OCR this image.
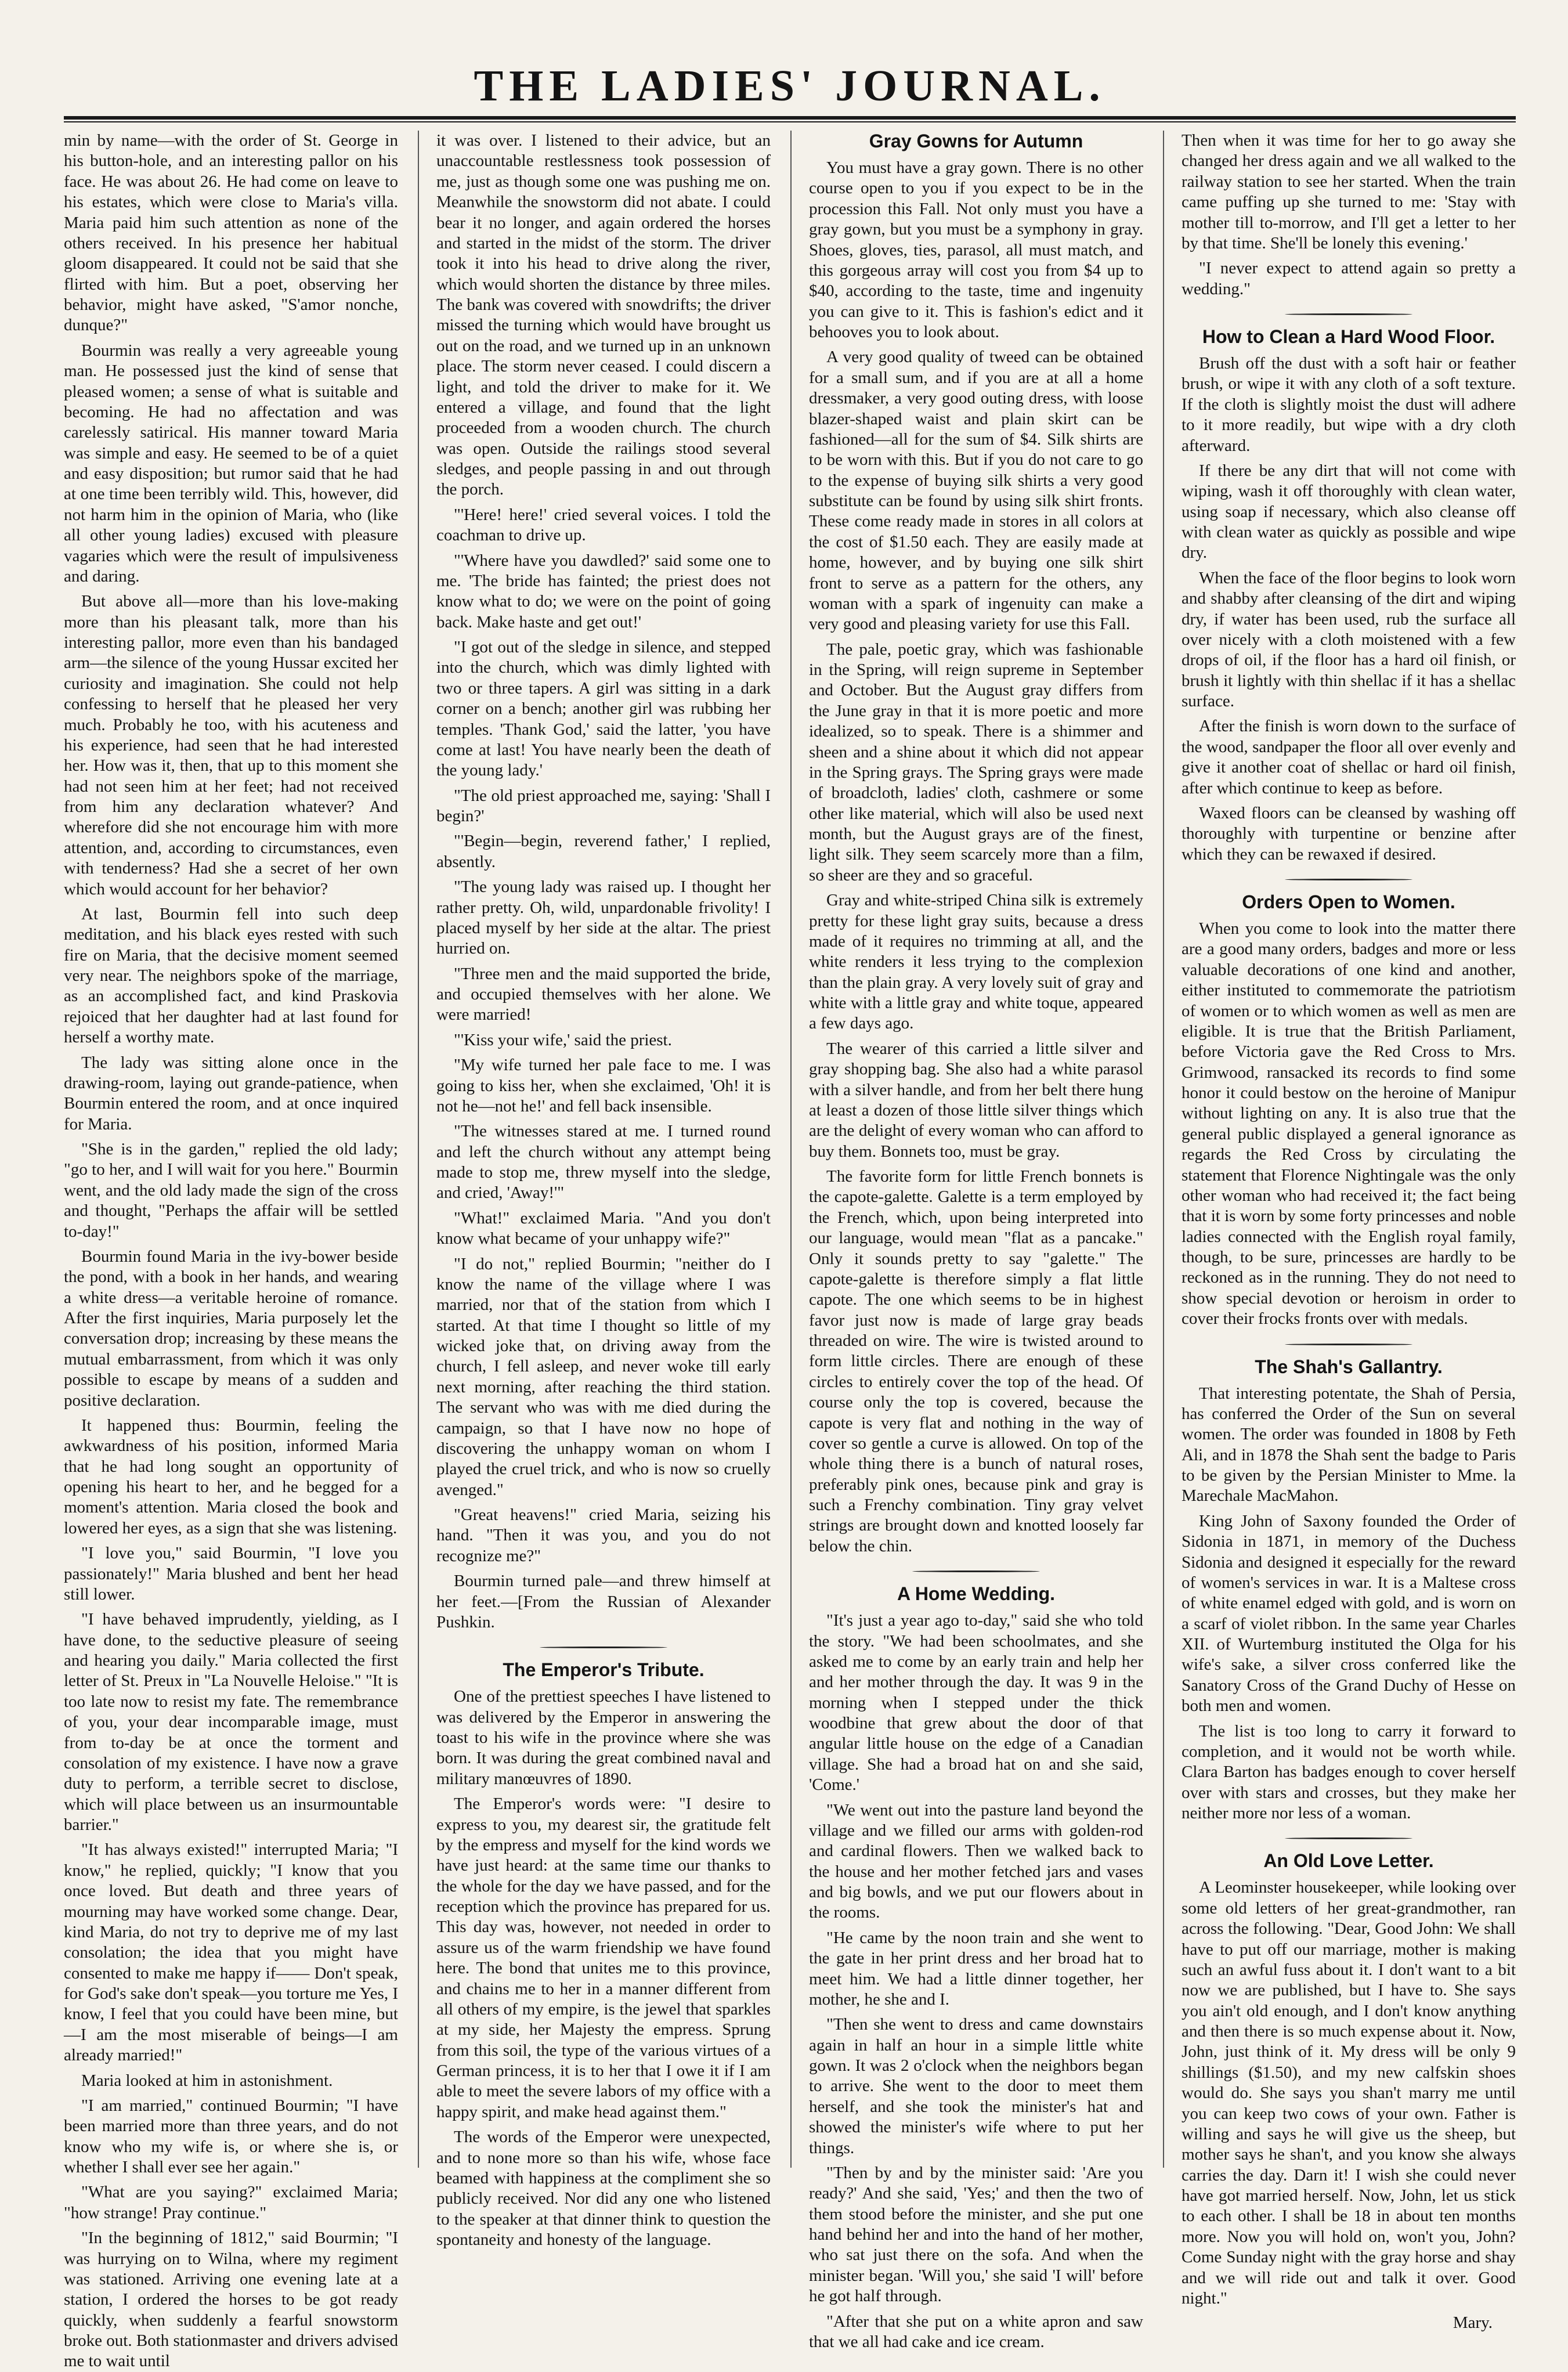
THE LADIES' JOURNAL.

min by name—with the order of St. George in his button-hole, and an interesting pallor on his face. He was about 26. He had come on leave to his estates, which were close to Maria's villa. Maria paid him such attention as none of the others received. In his presence her habitual gloom disappeared. It could not be said that she flirted with him. But a poet, observing her behavior, might have asked, "S'amor nonche, dunque?"

Bourmin was really a very agreeable young man. He possessed just the kind of sense that pleased women; a sense of what is suitable and becoming. He had no affectation and was carelessly satirical. His manner toward Maria was simple and easy. He seemed to be of a quiet and easy disposition; but rumor said that he had at one time been terribly wild. This, however, did not harm him in the opinion of Maria, who (like all other young ladies) excused with pleasure vagaries which were the result of impulsiveness and daring.

But above all—more than his love-making more than his pleasant talk, more than his interesting pallor, more even than his bandaged arm—the silence of the young Hussar excited her curiosity and imagination. She could not help confessing to herself that he pleased her very much. Probably he too, with his acuteness and his experience, had seen that he had interested her. How was it, then, that up to this moment she had not seen him at her feet; had not received from him any declaration whatever? And wherefore did she not encourage him with more attention, and, according to circumstances, even with tenderness? Had she a secret of her own which would account for her behavior?

At last, Bourmin fell into such deep meditation, and his black eyes rested with such fire on Maria, that the decisive moment seemed very near. The neighbors spoke of the marriage, as an accomplished fact, and kind Praskovia rejoiced that her daughter had at last found for herself a worthy mate.

The lady was sitting alone once in the drawing-room, laying out grande-patience, when Bourmin entered the room, and at once inquired for Maria.

"She is in the garden," replied the old lady; "go to her, and I will wait for you here." Bourmin went, and the old lady made the sign of the cross and thought, "Perhaps the affair will be settled to-day!"

Bourmin found Maria in the ivy-bower beside the pond, with a book in her hands, and wearing a white dress—a veritable heroine of romance. After the first inquiries, Maria purposely let the conversation drop; increasing by these means the mutual embarrassment, from which it was only possible to escape by means of a sudden and positive declaration.

It happened thus: Bourmin, feeling the awkwardness of his position, informed Maria that he had long sought an opportunity of opening his heart to her, and he begged for a moment's attention. Maria closed the book and lowered her eyes, as a sign that she was listening.

"I love you," said Bourmin, "I love you passionately!" Maria blushed and bent her head still lower.

"I have behaved imprudently, yielding, as I have done, to the seductive pleasure of seeing and hearing you daily." Maria collected the first letter of St. Preux in "La Nouvelle Heloise." "It is too late now to resist my fate. The remembrance of you, your dear incomparable image, must from to-day be at once the torment and consolation of my existence. I have now a grave duty to perform, a terrible secret to disclose, which will place between us an insurmountable barrier."

"It has always existed!" interrupted Maria; "I know," he replied, quickly; "I know that you once loved. But death and three years of mourning may have worked some change. Dear, kind Maria, do not try to deprive me of my last consolation; the idea that you might have consented to make me happy if—— Don't speak, for God's sake don't speak—you torture me Yes, I know, I feel that you could have been mine, but—I am the most miserable of beings—I am already married!"

Maria looked at him in astonishment.

"I am married," continued Bourmin; "I have been married more than three years, and do not know who my wife is, or where she is, or whether I shall ever see her again."

"What are you saying?" exclaimed Maria; "how strange! Pray continue."

"In the beginning of 1812," said Bourmin; "I was hurrying on to Wilna, where my regiment was stationed. Arriving one evening late at a station, I ordered the horses to be got ready quickly, when suddenly a fearful snowstorm broke out. Both stationmaster and drivers advised me to wait until

it was over. I listened to their advice, but an unaccountable restlessness took possession of me, just as though some one was pushing me on. Meanwhile the snowstorm did not abate. I could bear it no longer, and again ordered the horses and started in the midst of the storm. The driver took it into his head to drive along the river, which would shorten the distance by three miles. The bank was covered with snowdrifts; the driver missed the turning which would have brought us out on the road, and we turned up in an unknown place. The storm never ceased. I could discern a light, and told the driver to make for it. We entered a village, and found that the light proceeded from a wooden church. The church was open. Outside the railings stood several sledges, and people passing in and out through the porch.

"'Here! here!' cried several voices. I told the coachman to drive up.

"'Where have you dawdled?' said some one to me. 'The bride has fainted; the priest does not know what to do; we were on the point of going back. Make haste and get out!'

"I got out of the sledge in silence, and stepped into the church, which was dimly lighted with two or three tapers. A girl was sitting in a dark corner on a bench; another girl was rubbing her temples. 'Thank God,' said the latter, 'you have come at last! You have nearly been the death of the young lady.'

"The old priest approached me, saying: 'Shall I begin?'

"'Begin—begin, reverend father,' I replied, absently.

"The young lady was raised up. I thought her rather pretty. Oh, wild, unpardonable frivolity! I placed myself by her side at the altar. The priest hurried on.

"Three men and the maid supported the bride, and occupied themselves with her alone. We were married!

"'Kiss your wife,' said the priest.

"My wife turned her pale face to me. I was going to kiss her, when she exclaimed, 'Oh! it is not he—not he!' and fell back insensible.

"The witnesses stared at me. I turned round and left the church without any attempt being made to stop me, threw myself into the sledge, and cried, 'Away!'"

"What!" exclaimed Maria. "And you don't know what became of your unhappy wife?"

"I do not," replied Bourmin; "neither do I know the name of the village where I was married, nor that of the station from which I started. At that time I thought so little of my wicked joke that, on driving away from the church, I fell asleep, and never woke till early next morning, after reaching the third station. The servant who was with me died during the campaign, so that I have now no hope of discovering the unhappy woman on whom I played the cruel trick, and who is now so cruelly avenged."

"Great heavens!" cried Maria, seizing his hand. "Then it was you, and you do not recognize me?"

Bourmin turned pale—and threw himself at her feet.—[From the Russian of Alexander Pushkin.

The Emperor's Tribute.

One of the prettiest speeches I have listened to was delivered by the Emperor in answering the toast to his wife in the province where she was born. It was during the great combined naval and military manœuvres of 1890.

The Emperor's words were: "I desire to express to you, my dearest sir, the gratitude felt by the empress and myself for the kind words we have just heard: at the same time our thanks to the whole for the day we have passed, and for the reception which the province has prepared for us. This day was, however, not needed in order to assure us of the warm friendship we have found here. The bond that unites me to this province, and chains me to her in a manner different from all others of my empire, is the jewel that sparkles at my side, her Majesty the empress. Sprung from this soil, the type of the various virtues of a German princess, it is to her that I owe it if I am able to meet the severe labors of my office with a happy spirit, and make head against them."

The words of the Emperor were unexpected, and to none more so than his wife, whose face beamed with happiness at the compliment she so publicly received. Nor did any one who listened to the speaker at that dinner think to question the spontaneity and honesty of the language.

Gray Gowns for Autumn

You must have a gray gown. There is no other course open to you if you expect to be in the procession this Fall. Not only must you have a gray gown, but you must be a symphony in gray. Shoes, gloves, ties, parasol, all must match, and this gorgeous array will cost you from $4 up to $40, according to the taste, time and ingenuity you can give to it. This is fashion's edict and it behooves you to look about.

A very good quality of tweed can be obtained for a small sum, and if you are at all a home dressmaker, a very good outing dress, with loose blazer-shaped waist and plain skirt can be fashioned—all for the sum of $4. Silk shirts are to be worn with this. But if you do not care to go to the expense of buying silk shirts a very good substitute can be found by using silk shirt fronts. These come ready made in stores in all colors at the cost of $1.50 each. They are easily made at home, however, and by buying one silk shirt front to serve as a pattern for the others, any woman with a spark of ingenuity can make a very good and pleasing variety for use this Fall.

The pale, poetic gray, which was fashionable in the Spring, will reign supreme in September and October. But the August gray differs from the June gray in that it is more poetic and more idealized, so to speak. There is a shimmer and sheen and a shine about it which did not appear in the Spring grays. The Spring grays were made of broadcloth, ladies' cloth, cashmere or some other like material, which will also be used next month, but the August grays are of the finest, light silk. They seem scarcely more than a film, so sheer are they and so graceful.

Gray and white-striped China silk is extremely pretty for these light gray suits, because a dress made of it requires no trimming at all, and the white renders it less trying to the complexion than the plain gray. A very lovely suit of gray and white with a little gray and white toque, appeared a few days ago.

The wearer of this carried a little silver and gray shopping bag. She also had a white parasol with a silver handle, and from her belt there hung at least a dozen of those little silver things which are the delight of every woman who can afford to buy them. Bonnets too, must be gray.

The favorite form for little French bonnets is the capote-galette. Galette is a term employed by the French, which, upon being interpreted into our language, would mean "flat as a pancake." Only it sounds pretty to say "galette." The capote-galette is therefore simply a flat little capote. The one which seems to be in highest favor just now is made of large gray beads threaded on wire. The wire is twisted around to form little circles. There are enough of these circles to entirely cover the top of the head. Of course only the top is covered, because the capote is very flat and nothing in the way of cover so gentle a curve is allowed. On top of the whole thing there is a bunch of natural roses, preferably pink ones, because pink and gray is such a Frenchy combination. Tiny gray velvet strings are brought down and knotted loosely far below the chin.

A Home Wedding.

"It's just a year ago to-day," said she who told the story. "We had been schoolmates, and she asked me to come by an early train and help her and her mother through the day. It was 9 in the morning when I stepped under the thick woodbine that grew about the door of that angular little house on the edge of a Canadian village. She had a broad hat on and she said, 'Come.'

"We went out into the pasture land beyond the village and we filled our arms with golden-rod and cardinal flowers. Then we walked back to the house and her mother fetched jars and vases and big bowls, and we put our flowers about in the rooms.

"He came by the noon train and she went to the gate in her print dress and her broad hat to meet him. We had a little dinner together, her mother, he she and I.

"Then she went to dress and came downstairs again in half an hour in a simple little white gown. It was 2 o'clock when the neighbors began to arrive. She went to the door to meet them herself, and she took the minister's hat and showed the minister's wife where to put her things.

"Then by and by the minister said: 'Are you ready?' And she said, 'Yes;' and then the two of them stood before the minister, and she put one hand behind her and into the hand of her mother, who sat just there on the sofa. And when the minister began. 'Will you,' she said 'I will' before he got half through.

"After that she put on a white apron and saw that we all had cake and ice cream.

Then when it was time for her to go away she changed her dress again and we all walked to the railway station to see her started. When the train came puffing up she turned to me: 'Stay with mother till to-morrow, and I'll get a letter to her by that time. She'll be lonely this evening.'

"I never expect to attend again so pretty a wedding."

How to Clean a Hard Wood Floor.

Brush off the dust with a soft hair or feather brush, or wipe it with any cloth of a soft texture. If the cloth is slightly moist the dust will adhere to it more readily, but wipe with a dry cloth afterward.

If there be any dirt that will not come with wiping, wash it off thoroughly with clean water, using soap if necessary, which also cleanse off with clean water as quickly as possible and wipe dry.

When the face of the floor begins to look worn and shabby after cleansing of the dirt and wiping dry, if water has been used, rub the surface all over nicely with a cloth moistened with a few drops of oil, if the floor has a hard oil finish, or brush it lightly with thin shellac if it has a shellac surface.

After the finish is worn down to the surface of the wood, sandpaper the floor all over evenly and give it another coat of shellac or hard oil finish, after which continue to keep as before.

Waxed floors can be cleansed by washing off thoroughly with turpentine or benzine after which they can be rewaxed if desired.

Orders Open to Women.

When you come to look into the matter there are a good many orders, badges and more or less valuable decorations of one kind and another, either instituted to commemorate the patriotism of women or to which women as well as men are eligible. It is true that the British Parliament, before Victoria gave the Red Cross to Mrs. Grimwood, ransacked its records to find some honor it could bestow on the heroine of Manipur without lighting on any. It is also true that the general public displayed a general ignorance as regards the Red Cross by circulating the statement that Florence Nightingale was the only other woman who had received it; the fact being that it is worn by some forty princesses and noble ladies connected with the English royal family, though, to be sure, princesses are hardly to be reckoned as in the running. They do not need to show special devotion or heroism in order to cover their frocks fronts over with medals.

The Shah's Gallantry.

That interesting potentate, the Shah of Persia, has conferred the Order of the Sun on several women. The order was founded in 1808 by Feth Ali, and in 1878 the Shah sent the badge to Paris to be given by the Persian Minister to Mme. la Marechale MacMahon.

King John of Saxony founded the Order of Sidonia in 1871, in memory of the Duchess Sidonia and designed it especially for the reward of women's services in war. It is a Maltese cross of white enamel edged with gold, and is worn on a scarf of violet ribbon. In the same year Charles XII. of Wurtemburg instituted the Olga for his wife's sake, a silver cross conferred like the Sanatory Cross of the Grand Duchy of Hesse on both men and women.

The list is too long to carry it forward to completion, and it would not be worth while. Clara Barton has badges enough to cover herself over with stars and crosses, but they make her neither more nor less of a woman.

An Old Love Letter.

A Leominster housekeeper, while looking over some old letters of her great-grandmother, ran across the following. "Dear, Good John: We shall have to put off our marriage, mother is making such an awful fuss about it. I don't want to a bit now we are published, but I have to. She says you ain't old enough, and I don't know anything and then there is so much expense about it. Now, John, just think of it. My dress will be only 9 shillings ($1.50), and my new calfskin shoes would do. She says you shan't marry me until you can keep two cows of your own. Father is willing and says he will give us the sheep, but mother says he shan't, and you know she always carries the day. Darn it! I wish she could never have got married herself. Now, John, let us stick to each other. I shall be 18 in about ten months more. Now you will hold on, won't you, John? Come Sunday night with the gray horse and shay and we will ride out and talk it over. Good night."

Mary.
